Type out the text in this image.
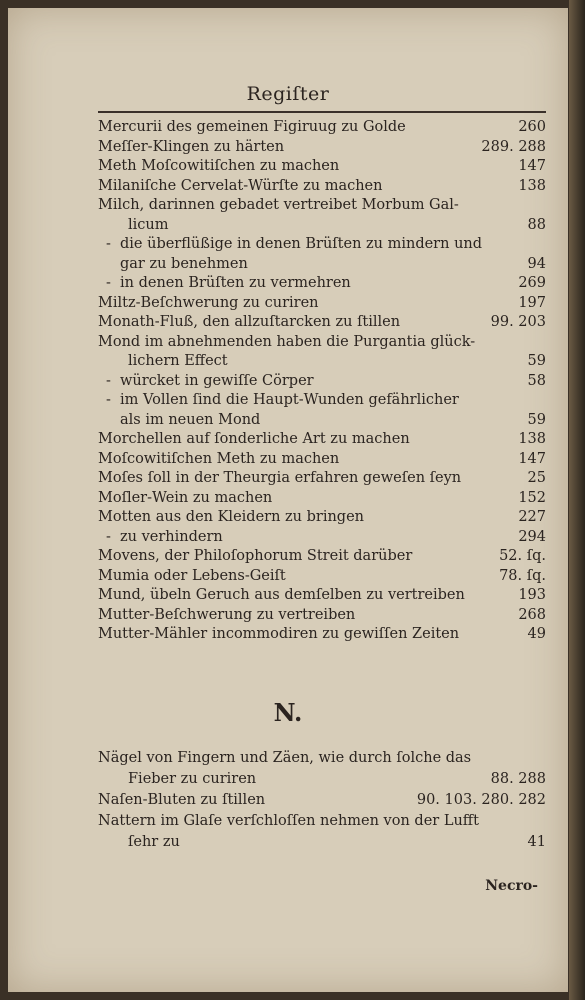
Regiſter
Mercurii des gemeinen Figiruug zu Golde	260
Meſſer‑Klingen zu härten	289. 288
Meth Moſcowitiſchen zu machen	147
Milaniſche Cervelat‑Würſte zu machen	138
Milch, darinnen gebadet vertreibet Morbum Gal-
licum	88
- die überflüßige in denen Brüſten zu mindern und
gar zu benehmen	94
- in denen Brüſten zu vermehren	269
Miltz‑Beſchwerung zu curiren	197
Monath‑Fluß, den allzuſtarcken zu ſtillen	99. 203
Mond im abnehmenden haben die Purgantia glück-
lichern Effect	59
- würcket in gewiſſe Cörper	58
- im Vollen ſind die Haupt‑Wunden gefährlicher
als im neuen Mond	59
Morchellen auf ſonderliche Art zu machen	138
Moſcowitiſchen Meth zu machen	147
Moſes ſoll in der Theurgia erfahren geweſen ſeyn	25
Moſler‑Wein zu machen	152
Motten aus den Kleidern zu bringen	227
- zu verhindern	294
Movens, der Philoſophorum Streit darüber	52. ſq.
Mumia oder Lebens‑Geiſt	78. ſq.
Mund, übeln Geruch aus demſelben zu vertreiben	193
Mutter‑Beſchwerung zu vertreiben	268
Mutter‑Mähler incommodiren zu gewiſſen Zeiten	49
N.
Nägel von Fingern und Zäen, wie durch ſolche das
Fieber zu curiren	88. 288
Naſen‑Bluten zu ſtillen	90. 103. 280. 282
Nattern im Glaſe verſchloſſen nehmen von der Lufft
ſehr zu	41
Necro-
